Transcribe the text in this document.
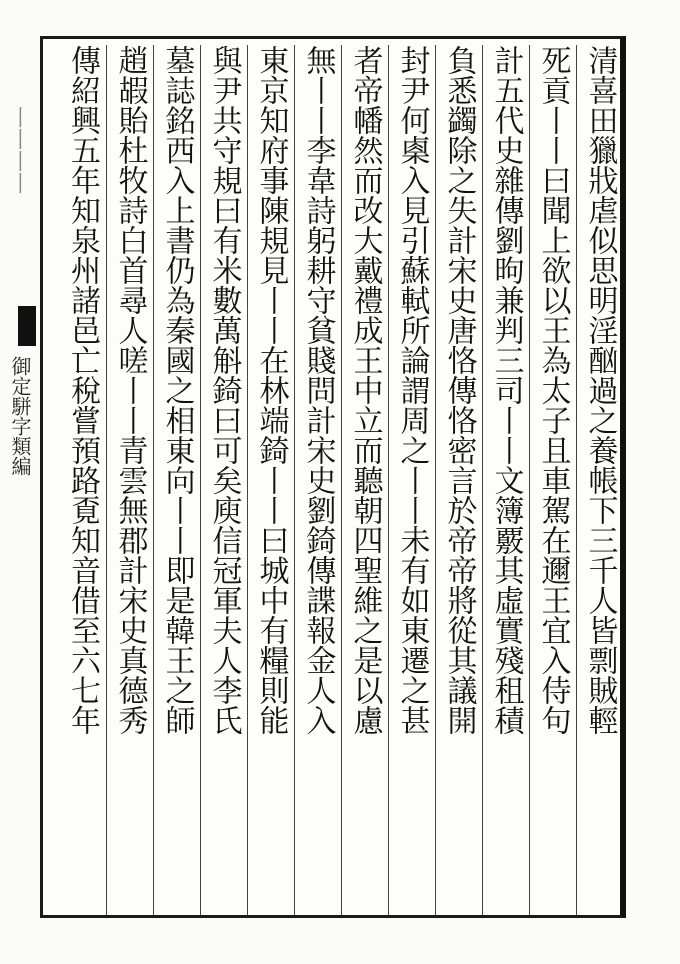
丨丨丨丨
御定駢字類編	清喜田獵戕虐似思明淫酗過之養帳下三千人皆剽賊輕
死貢丨丨曰聞上欲以王為太子且車駕在邇王宜入侍
句
計
五代史雜傳劉昫兼判三司丨丨文
簿覈其虛實殘租積
負悉蠲除之
失計
宋史唐恪傳恪密言於帝帝將從其議開
封尹
何㮚入見引蘇軾所論謂周之丨丨未有如東遷之甚
者帝幡然
而改大戴禮成王中立而聽朝四聖維之是以慮
無丨丨李韋詩
躬耕守貧賤
問計
宋史劉錡傳諜報金人入
東京知府事陳規見
丨丨在林端
錡丨丨曰城中有糧則能
與尹共守規曰有米
數萬斛錡曰可矣庾信冠軍夫人李氏
墓誌銘西入上書仍為秦
國之相東向丨丨即是韓王之師
趙嘏貽杜牧詩白首尋人嗟丨
丨青雲無
郡計
宋史真德秀
傳紹興五年知泉州諸邑亡稅嘗預
路覔知音
借至六七年
